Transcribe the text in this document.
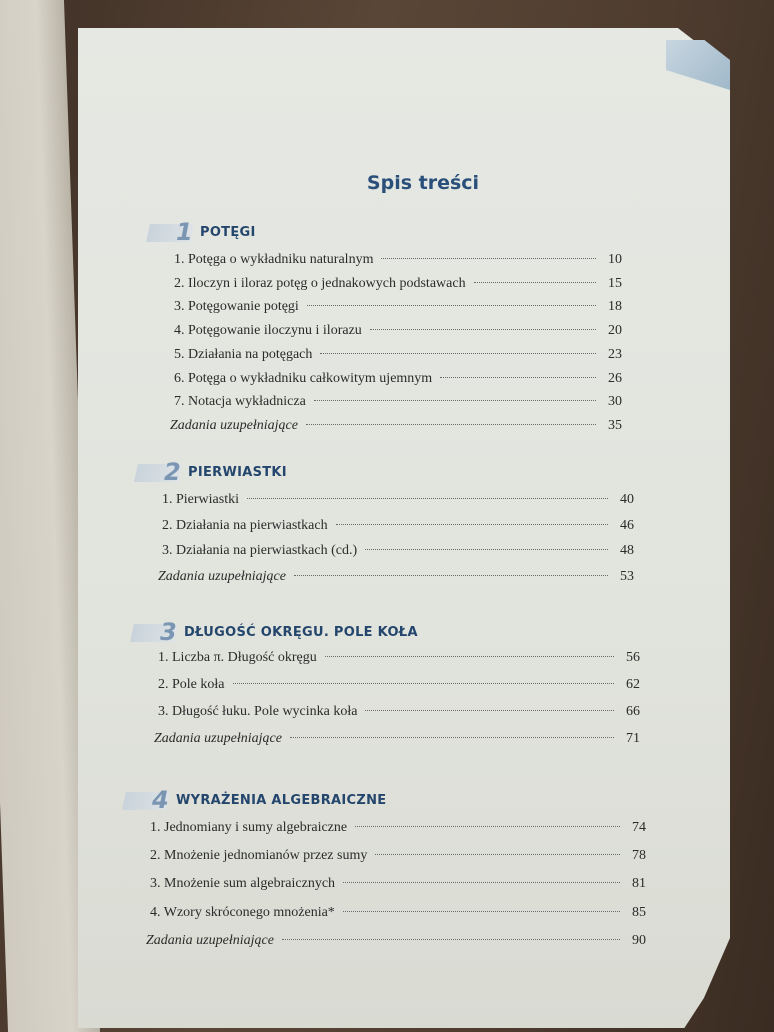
Spis treści
1 POTĘGI
1. Potęga o wykładniku naturalnym	10
2. Iloczyn i iloraz potęg o jednakowych podstawach	15
3. Potęgowanie potęgi	18
4. Potęgowanie iloczynu i ilorazu	20
5. Działania na potęgach	23
6. Potęga o wykładniku całkowitym ujemnym	26
7. Notacja wykładnicza	30
Zadania uzupełniające	35
2 PIERWIASTKI
1. Pierwiastki	40
2. Działania na pierwiastkach	46
3. Działania na pierwiastkach (cd.)	48
Zadania uzupełniające	53
3 DŁUGOŚĆ OKRĘGU. POLE KOŁA
1. Liczba π. Długość okręgu	56
2. Pole koła	62
3. Długość łuku. Pole wycinka koła	66
Zadania uzupełniające	71
4 WYRAŻENIA ALGEBRAICZNE
1. Jednomiany i sumy algebraiczne	74
2. Mnożenie jednomianów przez sumy	78
3. Mnożenie sum algebraicznych	81
4. Wzory skróconego mnożenia*	85
Zadania uzupełniające	90
